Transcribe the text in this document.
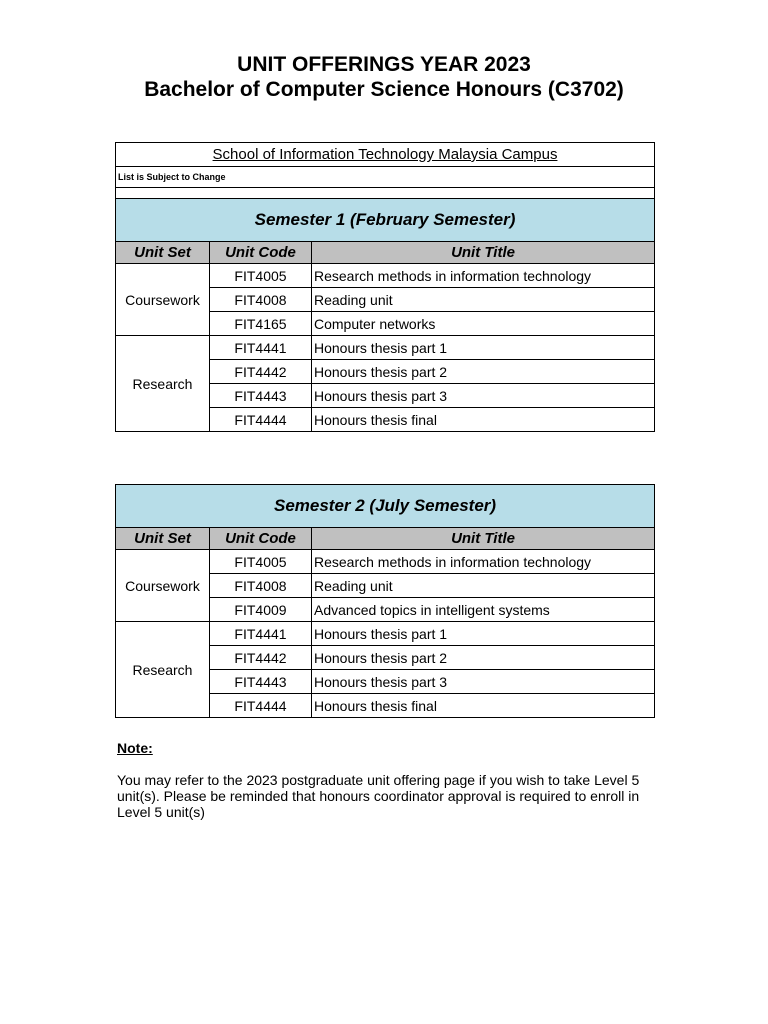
UNIT OFFERINGS YEAR 2023
Bachelor of Computer Science Honours (C3702)
School of Information Technology Malaysia Campus		
List is Subject to Change		

Semester 1 (February Semester)		
Unit Set	Unit Code	Unit Title
Coursework	FIT4005	Research methods in information technology
	FIT4008	Reading unit
	FIT4165	Computer networks
Research	FIT4441	Honours thesis part 1
	FIT4442	Honours thesis part 2
	FIT4443	Honours thesis part 3
	FIT4444	Honours thesis final
Semester 2 (July Semester)		
Unit Set	Unit Code	Unit Title
Coursework	FIT4005	Research methods in information technology
	FIT4008	Reading unit
	FIT4009	Advanced topics in intelligent systems
Research	FIT4441	Honours thesis part 1
	FIT4442	Honours thesis part 2
	FIT4443	Honours thesis part 3
	FIT4444	Honours thesis final
Note:
You may refer to the 2023 postgraduate unit offering page if you wish to take Level 5 unit(s). Please be reminded that honours coordinator approval is required to enroll in Level 5 unit(s)
